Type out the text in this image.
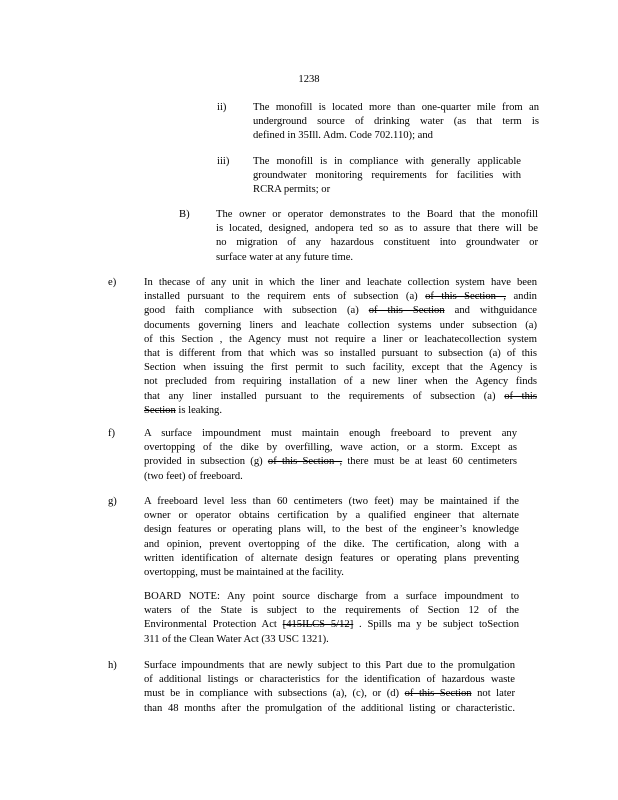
1238
ii)	The monofill is located more than one-quarter mile from an
underground source of drinking water (as that term is
defined in 35Ill. Adm. Code 702.110); and
iii) The monofill is in compliance with generally applicable
groundwater monitoring requirements for facilities with
RCRA permits; or
B) The owner or operator demonstrates to the Board that the monofill
is located, designed, andopera ted so as to assure that there will be
no migration of any hazardous constituent into groundwater or
surface water at any future time.
e)	In thecase of any unit in which the liner and leachate collection system have been
installed pursuant to the requirem ents of subsection (a) of this Section , andin
good faith compliance with subsection (a) of this Section and withguidance
documents governing liners and leachate collection systems under subsection (a)
of this Section , the Agency must not require a liner or leachatecollection system
that is different from that which was so installed pursuant to subsection (a) of this
Section when issuing the first permit to such facility, except that the Agency is
not precluded from requiring installation of a new liner when the Agency finds
that any liner installed pursuant to the requirements of subsection (a) of this
Section is leaking.
f)	A surface impoundment must maintain enough freeboard to prevent any
overtopping of the dike by overfilling, wave action, or a storm. Except as
provided in subsection (g) of this Section , there must be at least 60 centimeters
(two feet) of freeboard.
g)	A freeboard level less than 60 centimeters (two feet) may be maintained if the
owner or operator obtains certification by a qualified engineer that alternate
design features or operating plans will, to the best of the engineer’s knowledge
and opinion, prevent overtopping of the dike. The certification, along with a
written identification of alternate design features or operating plans preventing
overtopping, must be maintained at the facility.
BOARD NOTE: Any point source discharge from a surface impoundment to
waters of the State is subject to the requirements of Section 12 of the
Environmental Protection Act [415ILCS 5/12] . Spills ma y be subject toSection
311 of the Clean Water Act (33 USC 1321).
h)	Surface impoundments that are newly subject to this Part due to the promulgation
of additional listings or characteristics for the identification of hazardous waste
must be in compliance with subsections (a), (c), or (d) of this Section not later
than 48 months after the promulgation of the additional listing or characteristic.
